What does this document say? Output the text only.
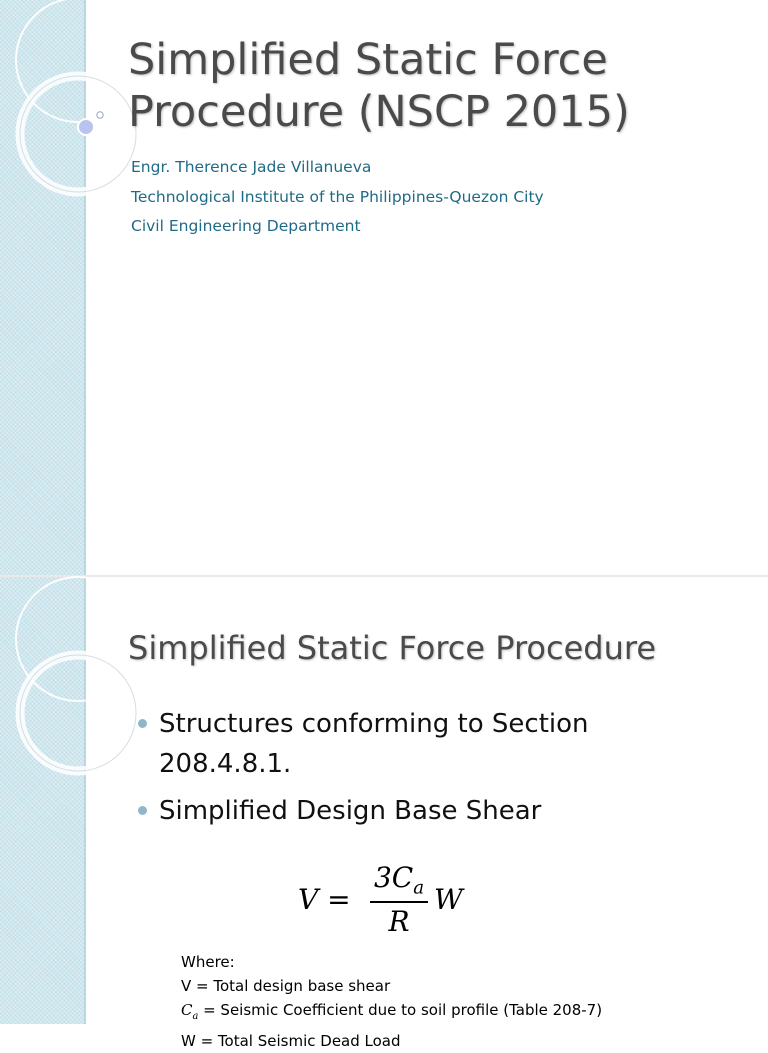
Simplified Static Force Procedure (NSCP 2015)
Engr. Therence Jade Villanueva
Technological Institute of the Philippines-Quezon City
Civil Engineering Department
Simplified Static Force Procedure
Structures conforming to Section 208.4.8.1.
Simplified Design Base Shear
V =
$3C_a$
R
W
Where:
V = Total design base shear
$C_a$ = Seismic Coefficient due to soil profile (Table 208-7)
W = Total Seismic Dead Load
